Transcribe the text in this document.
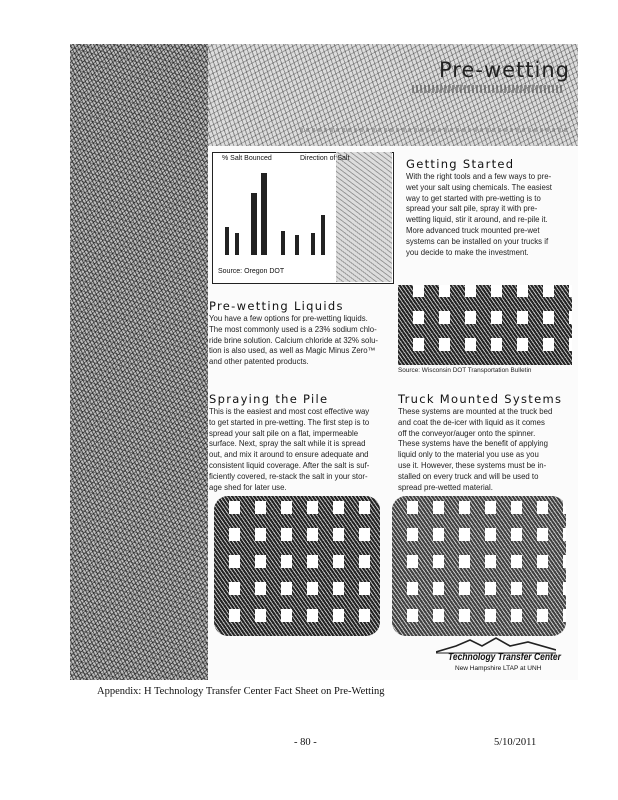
Pre-wetting
% Salt Bounced	Direction of Salt
Source: Oregon DOT
Getting Started
With the right tools and a few ways to pre-
wet your salt using chemicals. The easiest
way to get started with pre-wetting is to
spread your salt pile, spray it with pre-
wetting liquid, stir it around, and re-pile it.
More advanced truck mounted pre-wet
systems can be installed on your trucks if
you decide to make the investment.
Pre-wetting Liquids
You have a few options for pre-wetting liquids.
The most commonly used is a 23% sodium chlo-
ride brine solution. Calcium chloride at 32% solu-
tion is also used, as well as Magic Minus Zero™
and other patented products.
Source: Wisconsin DOT Transportation Bulletin
Spraying the Pile
This is the easiest and most cost effective way
to get started in pre-wetting. The first step is to
spread your salt pile on a flat, impermeable
surface. Next, spray the salt while it is spread
out, and mix it around to ensure adequate and
consistent liquid coverage. After the salt is suf-
ficiently covered, re-stack the salt in your stor-
age shed for later use.
Truck Mounted Systems
These systems are mounted at the truck bed
and coat the de-icer with liquid as it comes
off the conveyor/auger onto the spinner.
These systems have the benefit of applying
liquid only to the material you use as you
use it. However, these systems must be in-
stalled on every truck and will be used to
spread pre-wetted material.
Technology Transfer Center
New Hampshire LTAP at UNH
Appendix: H Technology Transfer Center Fact Sheet on Pre-Wetting
- 80 -	5/10/2011
